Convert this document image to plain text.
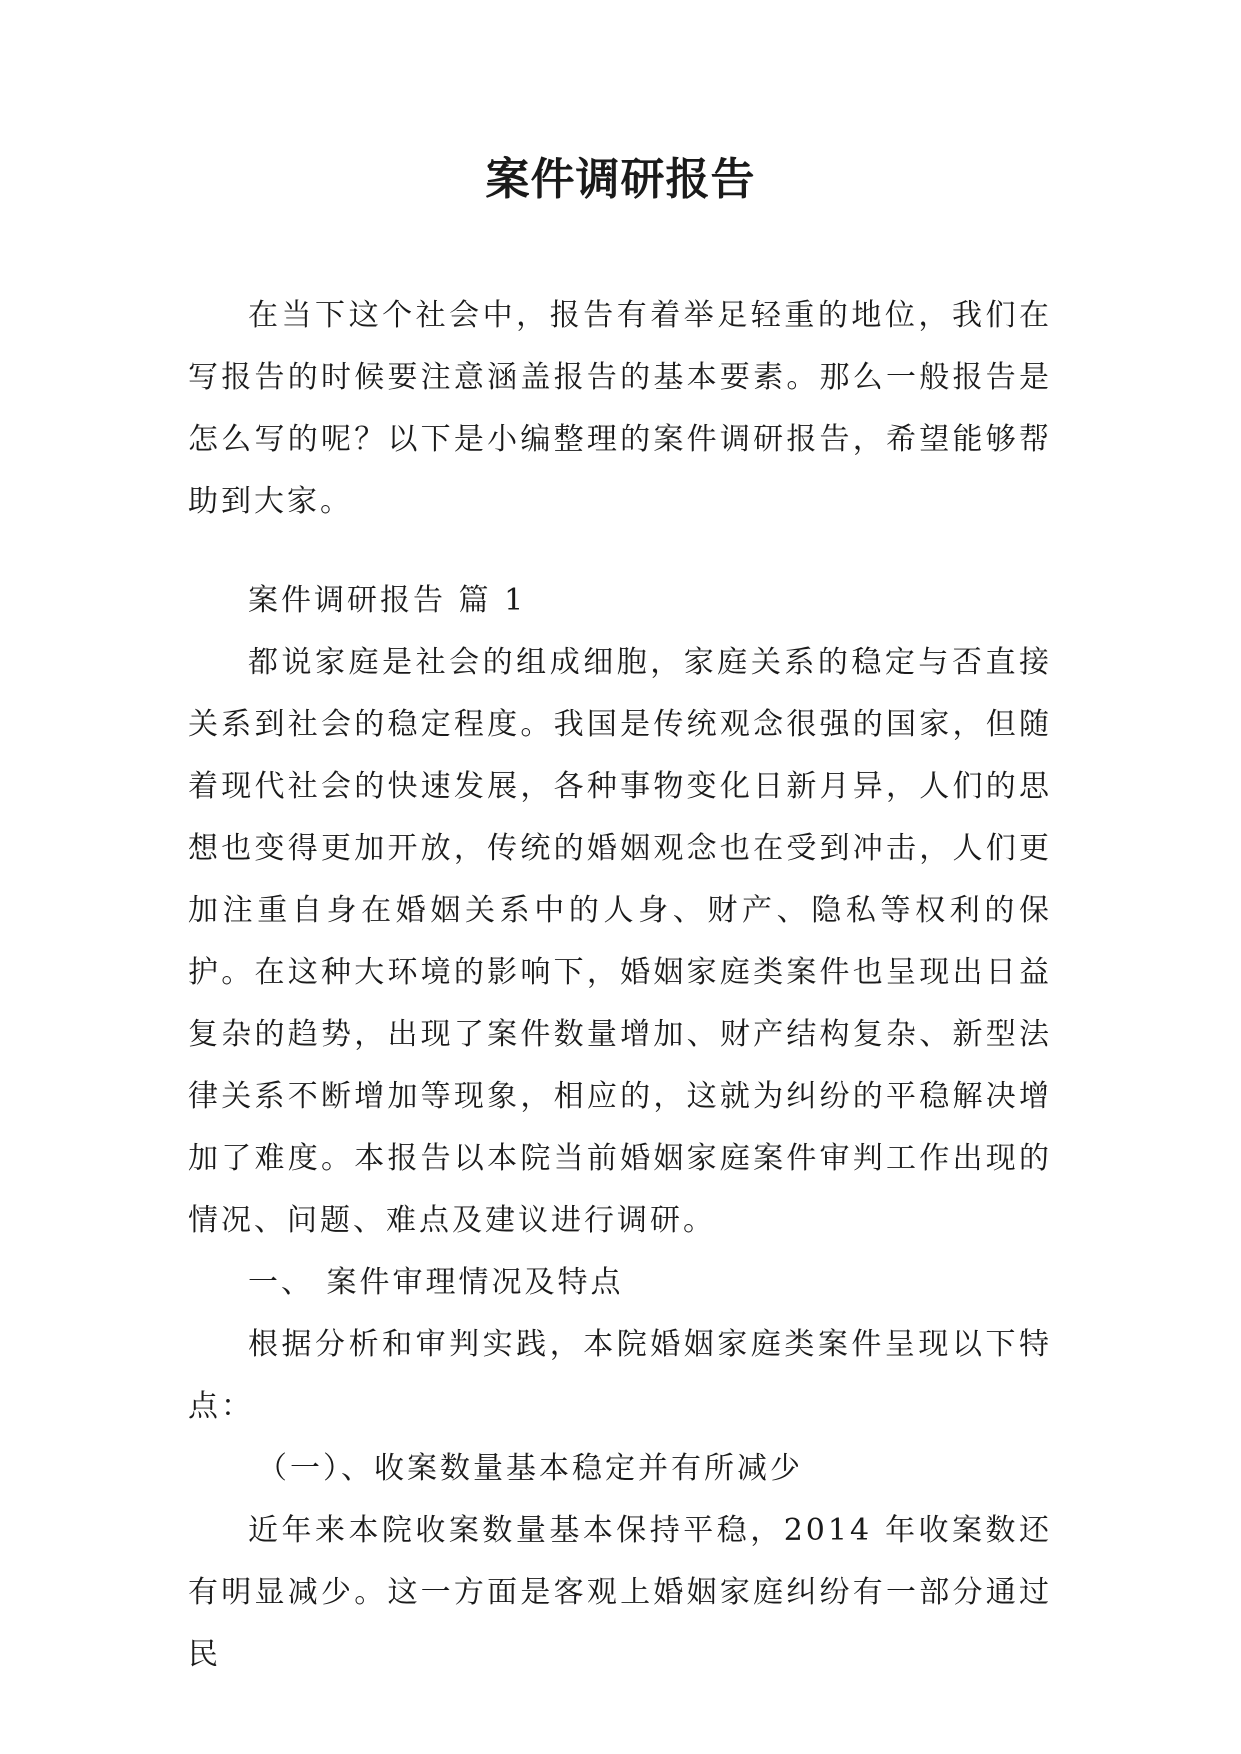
案件调研报告

在当下这个社会中，报告有着举足轻重的地位，我们在写报告的时候要注意涵盖报告的基本要素。那么一般报告是怎么写的呢？以下是小编整理的案件调研报告，希望能够帮助到大家。

案件调研报告 篇 1

都说家庭是社会的组成细胞，家庭关系的稳定与否直接关系到社会的稳定程度。我国是传统观念很强的国家，但随着现代社会的快速发展，各种事物变化日新月异，人们的思想也变得更加开放，传统的婚姻观念也在受到冲击，人们更加注重自身在婚姻关系中的人身、财产、隐私等权利的保护。在这种大环境的影响下，婚姻家庭类案件也呈现出日益复杂的趋势，出现了案件数量增加、财产结构复杂、新型法律关系不断增加等现象，相应的，这就为纠纷的平稳解决增加了难度。本报告以本院当前婚姻家庭案件审判工作出现的情况、问题、难点及建议进行调研。

一、 案件审理情况及特点

根据分析和审判实践，本院婚姻家庭类案件呈现以下特点：

（一）、收案数量基本稳定并有所减少

近年来本院收案数量基本保持平稳，2014 年收案数还有明显减少。这一方面是客观上婚姻家庭纠纷有一部分通过民
